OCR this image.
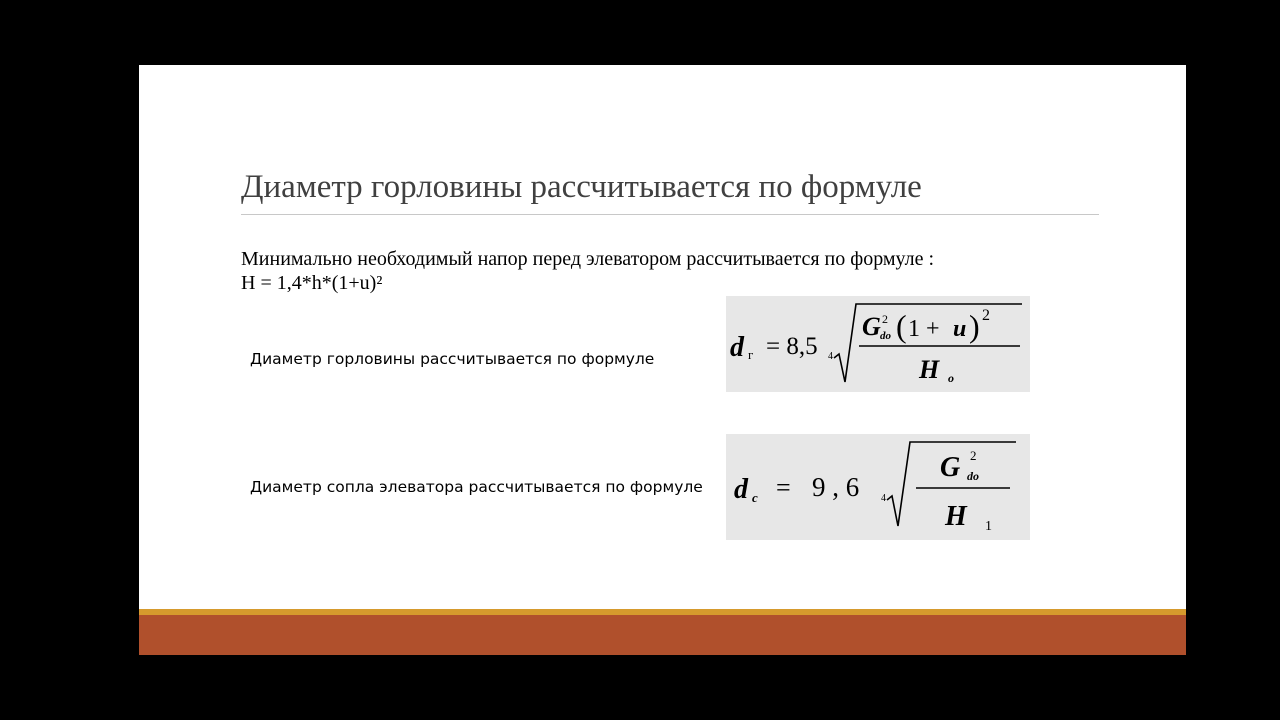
Диаметр горловины рассчитывается по формуле
Минимально необходимый напор перед элеватором рассчитывается по формуле :
H = 1,4*h*(1+u)²
Диаметр горловины рассчитывается по формуле	d г = 8,5 4
G 2
do ( 1 + u ) 2
H o
Диаметр сопла элеватора рассчитывается по формуле d c = 9 , 6 4
G 2
do
H 1
